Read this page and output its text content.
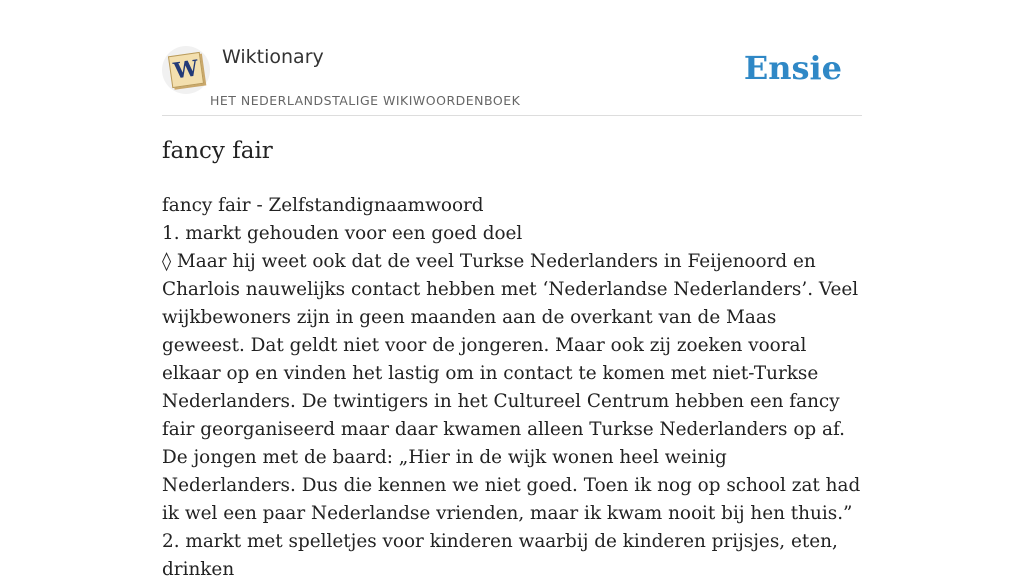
W Wiktionary
HET NEDERLANDSTALIGE WIKIWOORDENBOEK
Ensie
fancy fair

fancy fair - Zelfstandignaamwoord

1. markt gehouden voor een goed doel

◊ Maar hij weet ook dat de veel Turkse Nederlanders in Feijenoord en Charlois nauwelijks contact hebben met ‘Nederlandse Nederlanders’. Veel wijkbewoners zijn in geen maanden aan de overkant van de Maas geweest. Dat geldt niet voor de jongeren. Maar ook zij zoeken vooral elkaar op en vinden het lastig om in contact te komen met niet-Turkse Nederlanders. De twintigers in het Cultureel Centrum hebben een fancy fair georganiseerd maar daar kwamen alleen Turkse Nederlanders op af. De jongen met de baard: „Hier in de wijk wonen heel weinig Nederlanders. Dus die kennen we niet goed. Toen ik nog op school zat had ik wel een paar Nederlandse vrienden, maar ik kwam nooit bij hen thuis.”

2. markt met spelletjes voor kinderen waarbij de kinderen prijsjes, eten, drinken
